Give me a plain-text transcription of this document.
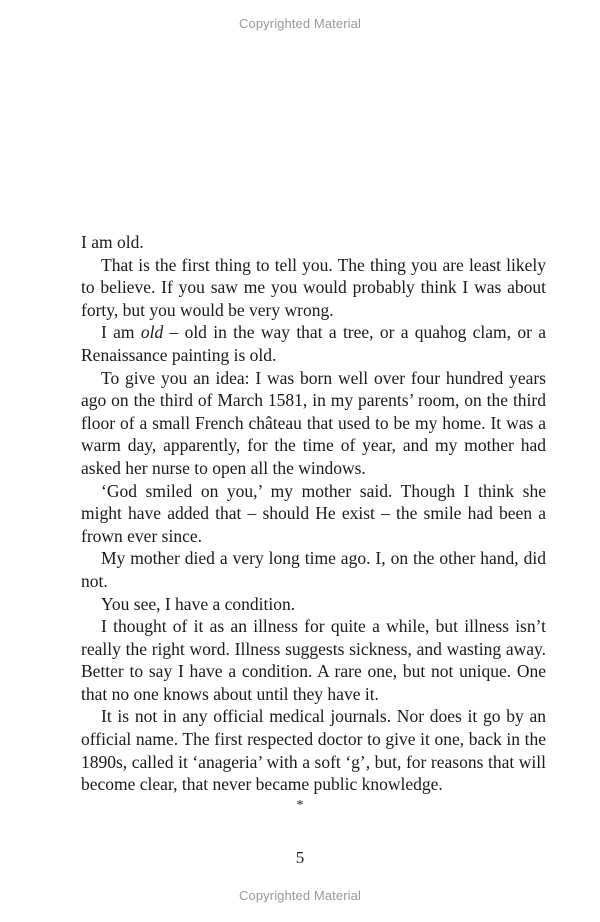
Copyrighted Material

I am old.

That is the first thing to tell you. The thing you are least likely to believe. If you saw me you would probably think I was about forty, but you would be very wrong.

I am old – old in the way that a tree, or a quahog clam, or a Renaissance painting is old.

To give you an idea: I was born well over four hundred years ago on the third of March 1581, in my parents’ room, on the third floor of a small French château that used to be my home. It was a warm day, apparently, for the time of year, and my mother had asked her nurse to open all the windows.

‘God smiled on you,’ my mother said. Though I think she might have added that – should He exist – the smile had been a frown ever since.

My mother died a very long time ago. I, on the other hand, did not.

You see, I have a condition.

I thought of it as an illness for quite a while, but illness isn’t really the right word. Illness suggests sickness, and wasting away. Better to say I have a condition. A rare one, but not unique. One that no one knows about until they have it.

It is not in any official medical journals. Nor does it go by an official name. The first respected doctor to give it one, back in the 1890s, called it ‘anageria’ with a soft ‘g’, but, for reasons that will become clear, that never became public knowledge.

*
5
Copyrighted Material
